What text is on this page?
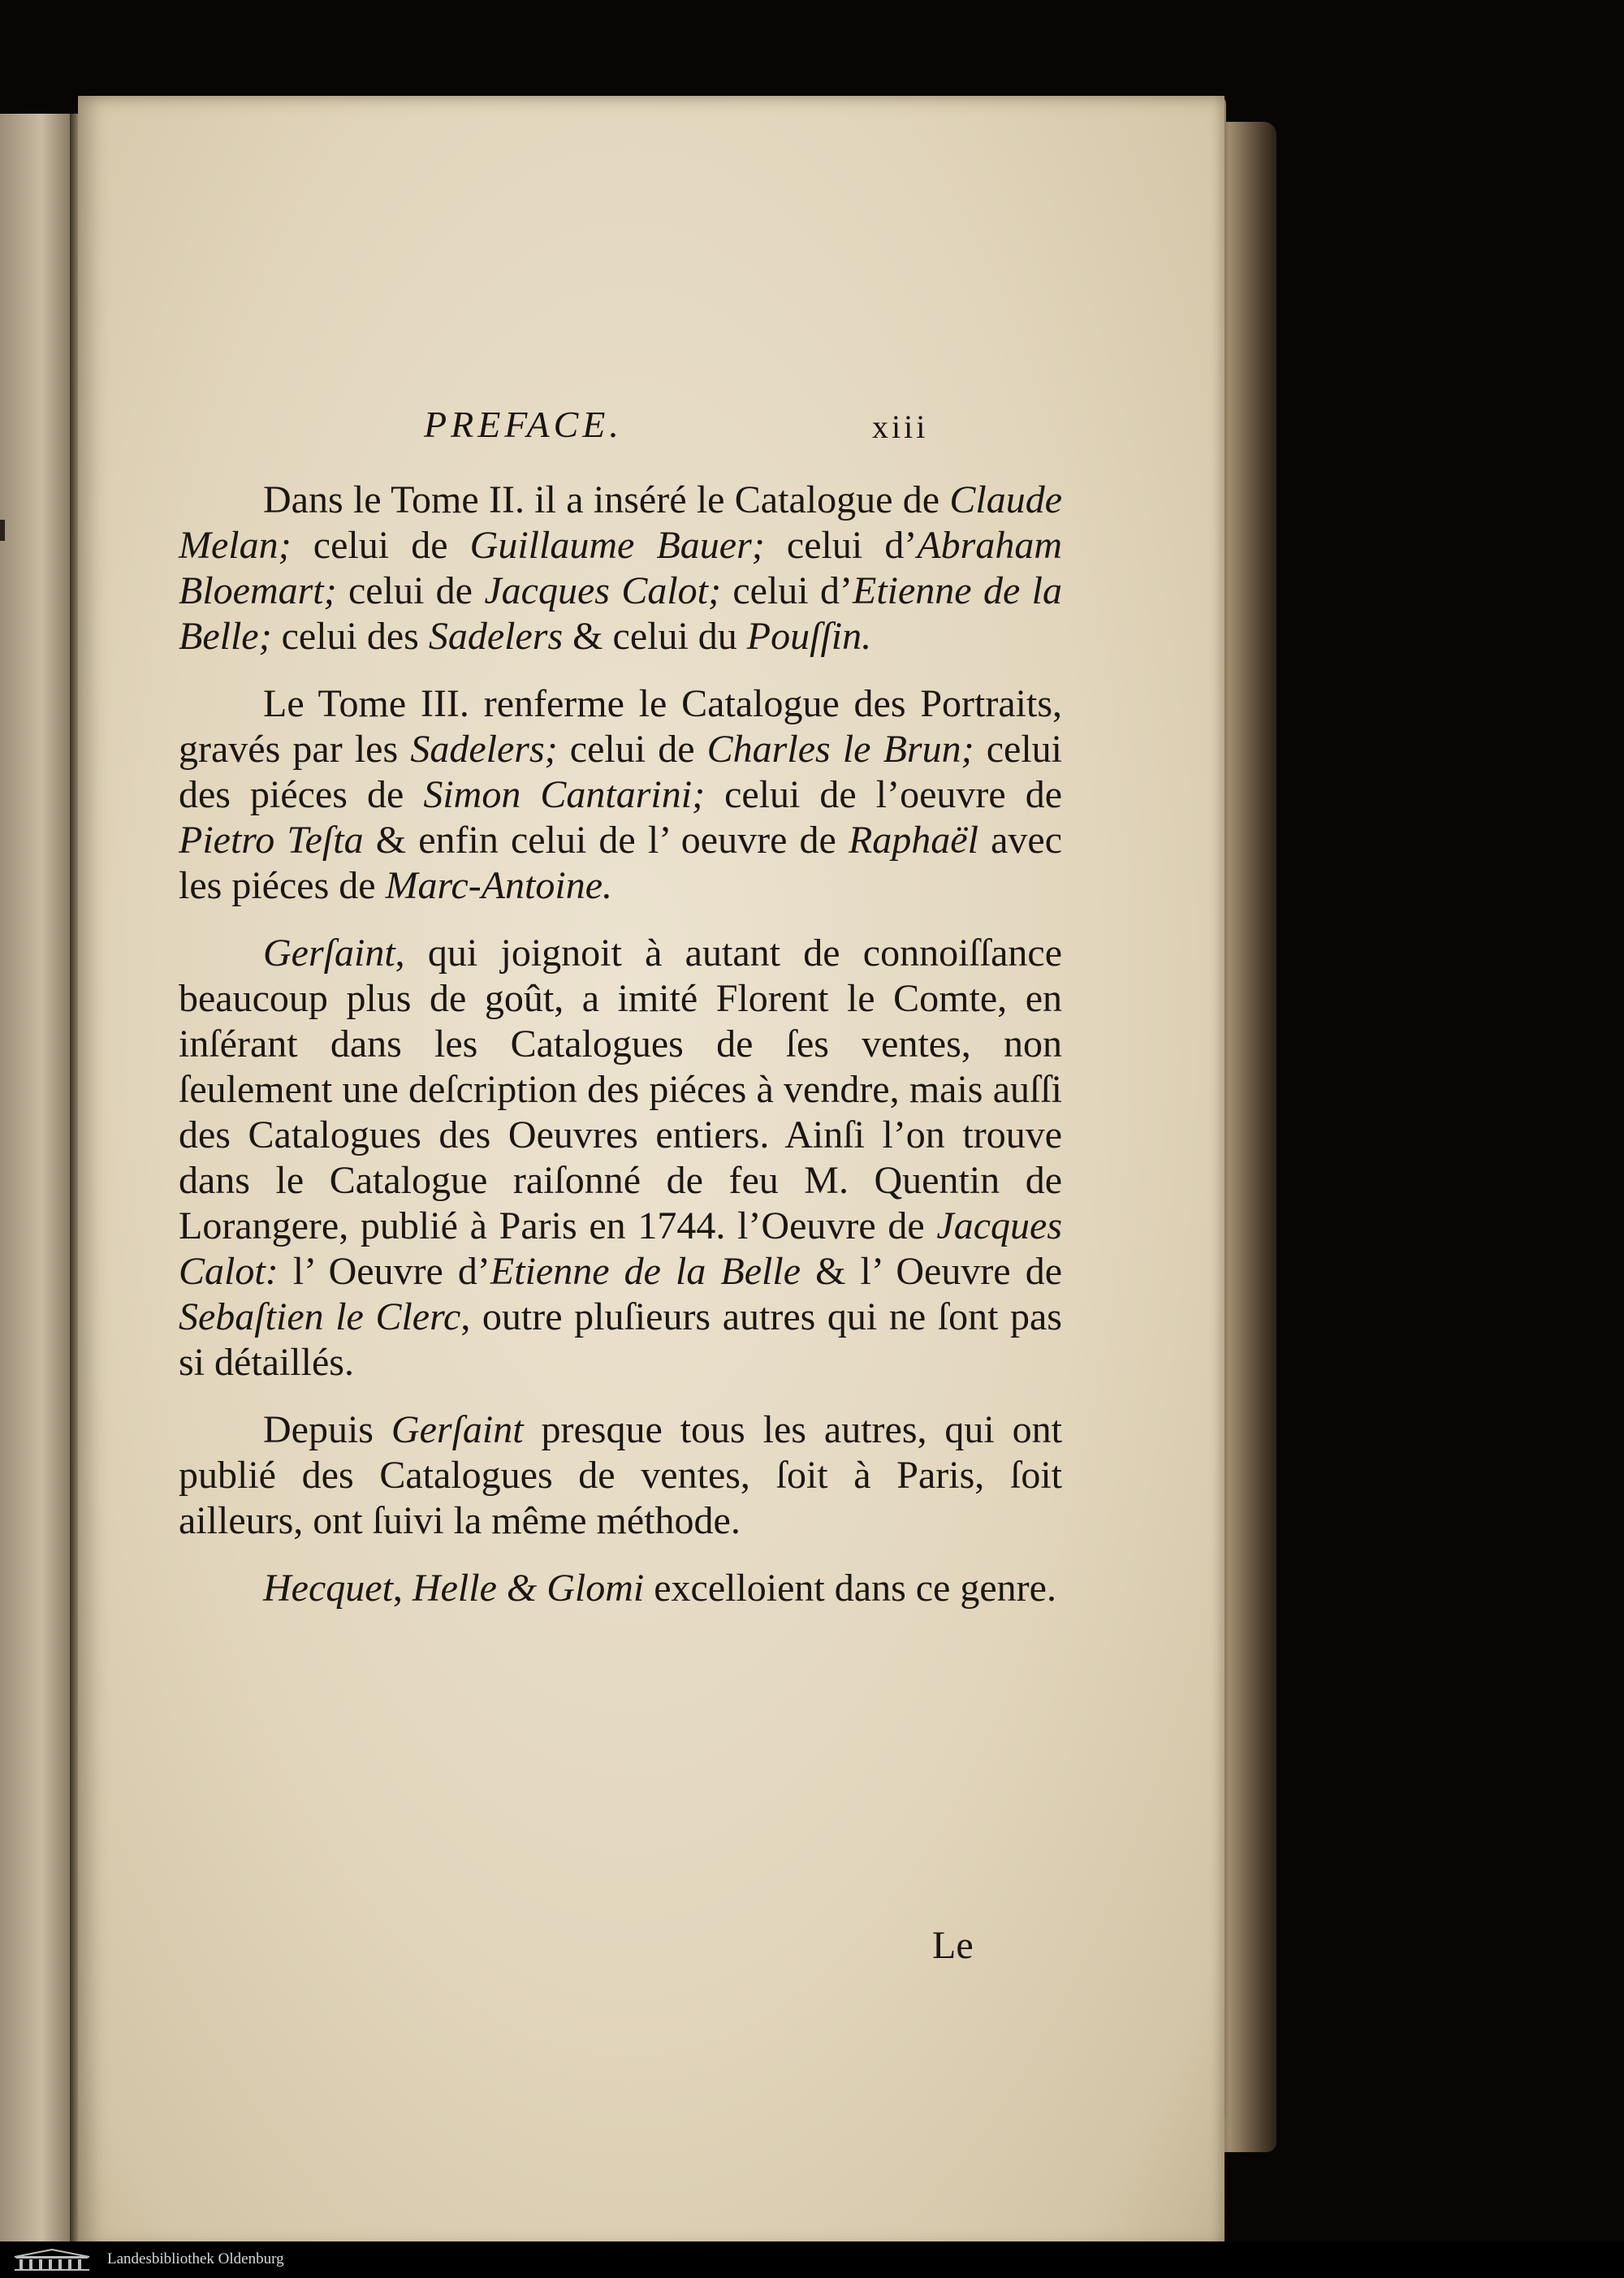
PREFACE.	xiii

Dans le Tome II. il a inséré le Catalogue de Claude Melan; celui de Guillaume Bauer; celui d’Abraham Bloemart; celui de Jacques Calot; celui d’Etienne de la Belle; celui des Sadelers & celui du Pouſſin.

Le Tome III. renferme le Catalogue des Portraits, gravés par les Sadelers; celui de Charles le Brun; celui des piéces de Simon Cantarini; celui de l’oeuvre de Pietro Teſta & enfin celui de l’ oeuvre de Raphaël avec les piéces de Marc-Antoine.

Gerſaint, qui joignoit à autant de connoiſſance beaucoup plus de goût, a imité Florent le Comte, en inſérant dans les Catalogues de ſes ventes, non ſeulement une deſcription des piéces à vendre, mais auſſi des Catalogues des Oeuvres entiers. Ainſi l’on trouve dans le Catalogue raiſonné de feu M. Quentin de Lorangere, publié à Paris en 1744. l’Oeuvre de Jacques Calot: l’ Oeuvre d’Etienne de la Belle & l’ Oeuvre de Sebaſtien le Clerc, outre pluſieurs autres qui ne ſont pas si détaillés.

Depuis Gerſaint presque tous les autres, qui ont publié des Catalogues de ventes, ſoit à Paris, ſoit ailleurs, ont ſuivi la même méthode.

Hecquet, Helle & Glomi excelloient dans ce genre.

Le
Landesbibliothek Oldenburg
